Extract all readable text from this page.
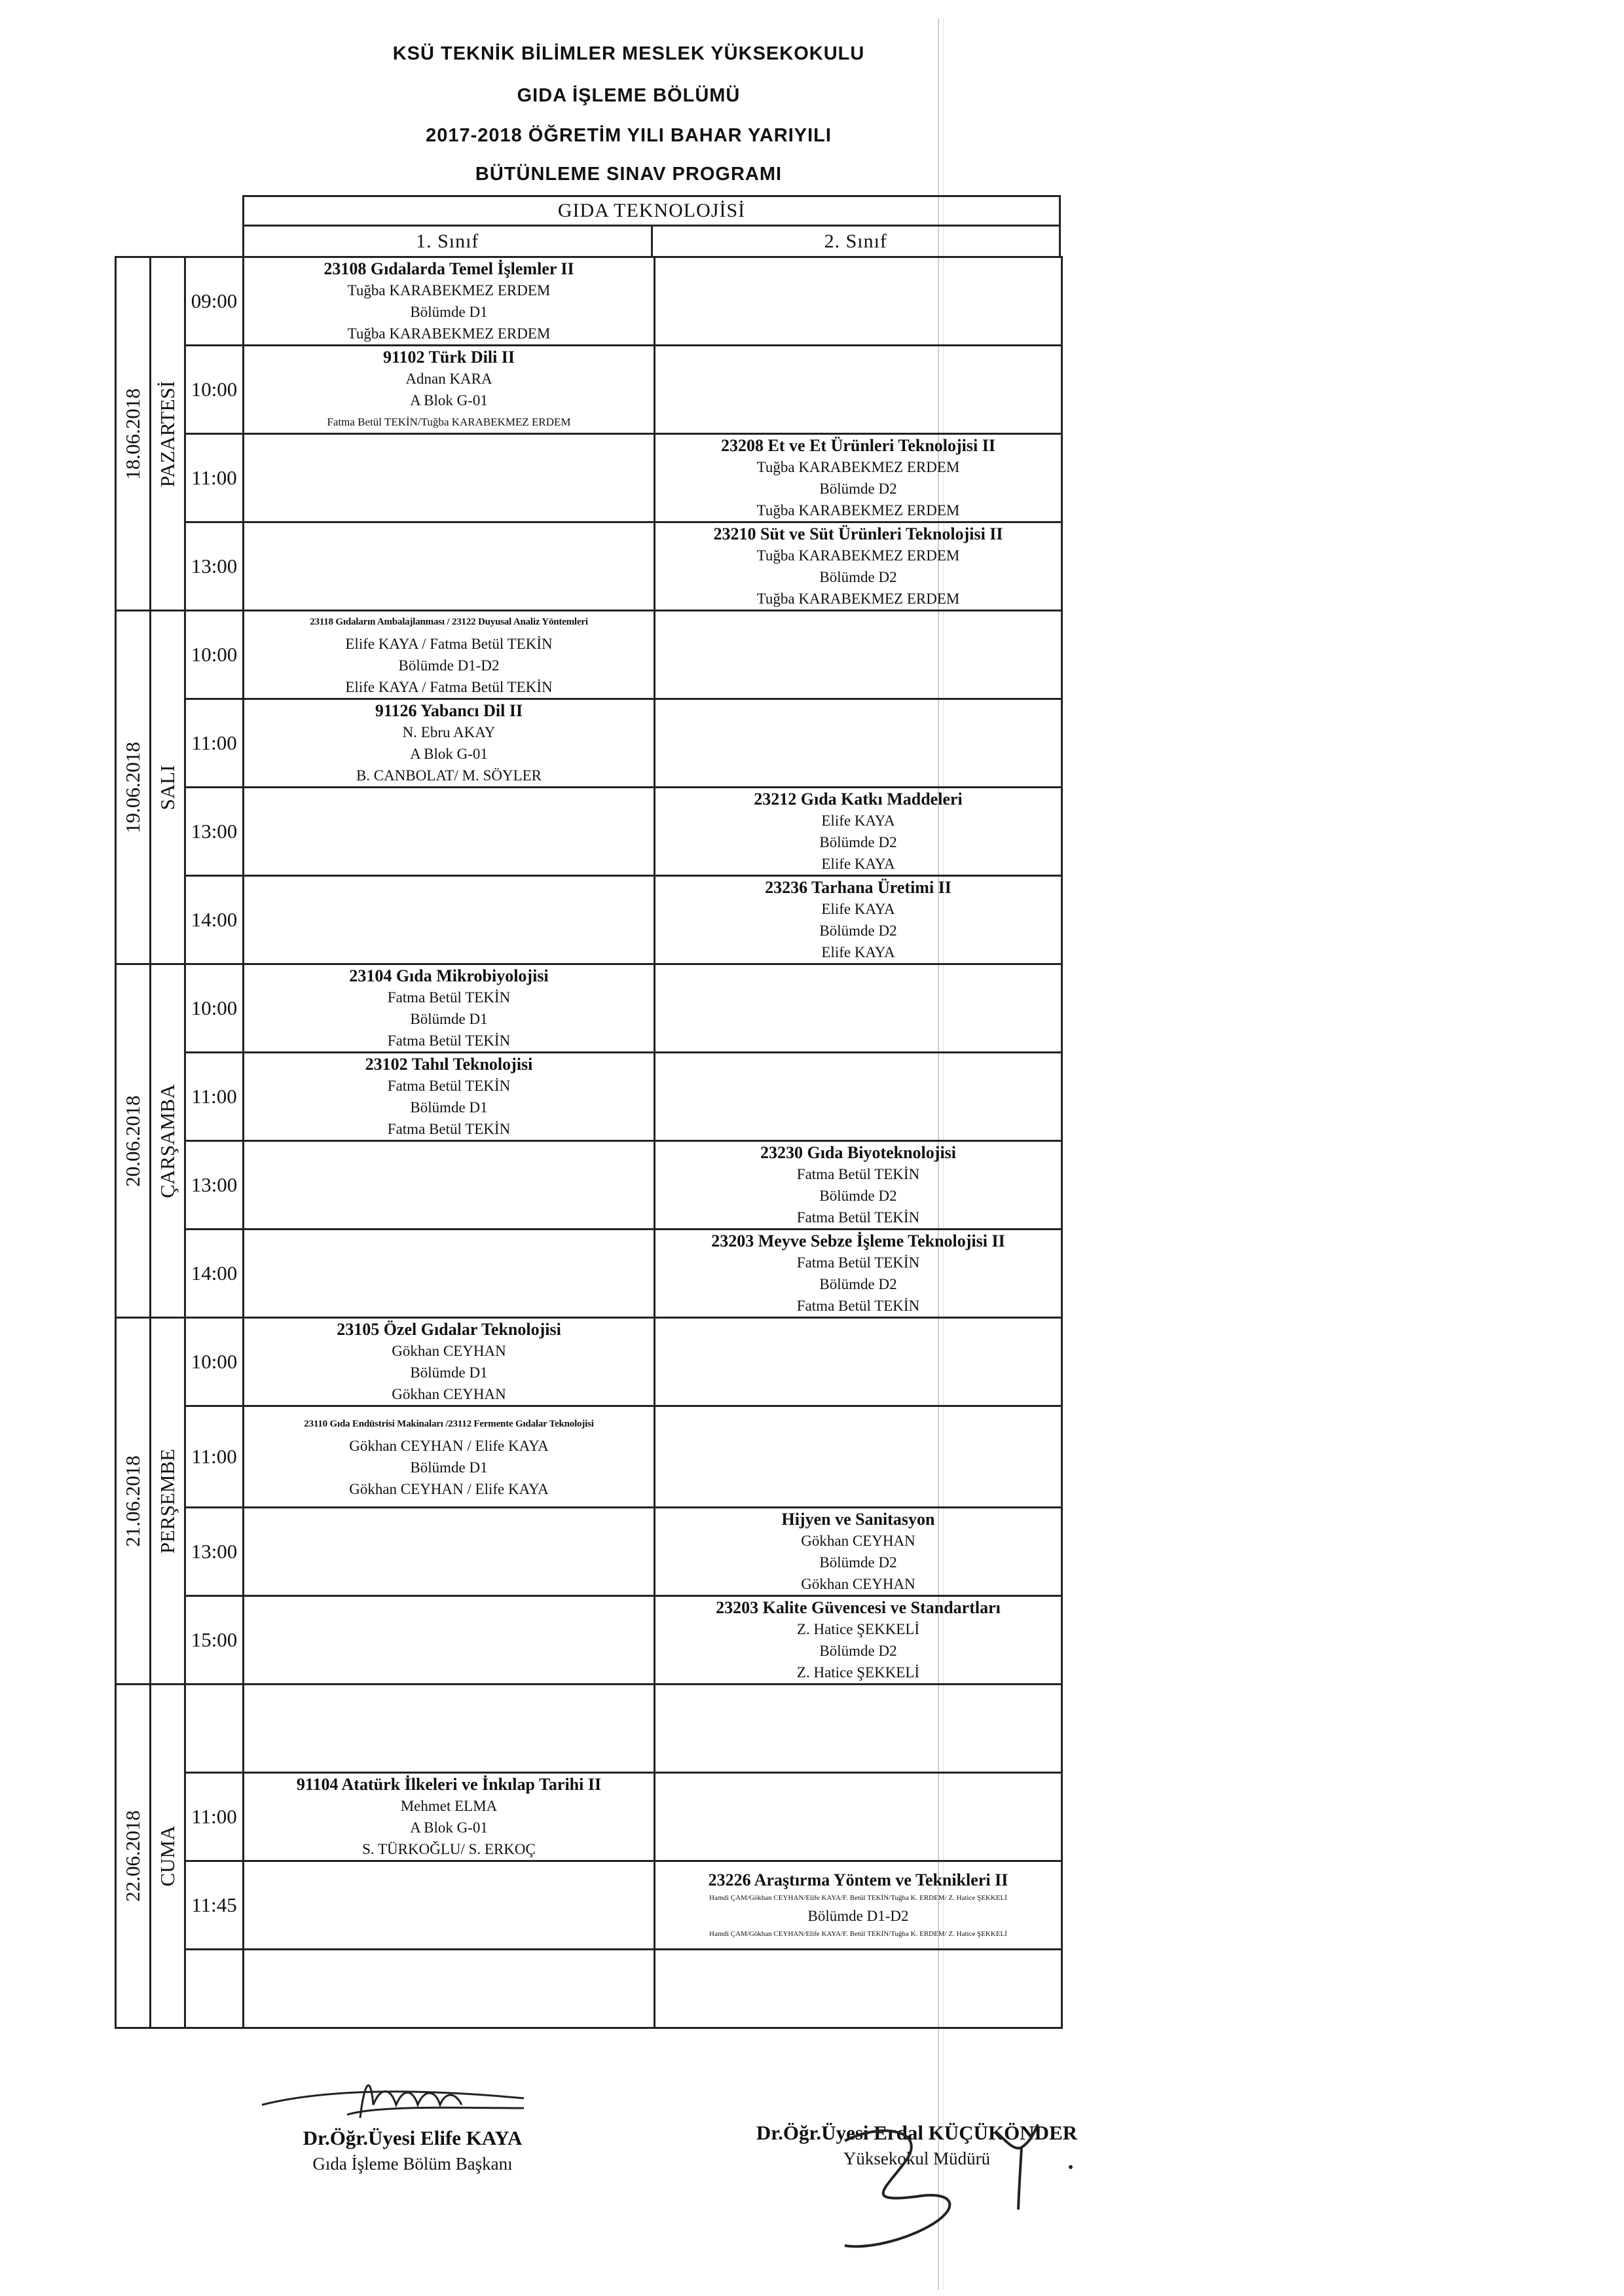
KSÜ TEKNİK BİLİMLER MESLEK YÜKSEKOKULU
GIDA İŞLEME BÖLÜMÜ
2017-2018 ÖĞRETİM YILI BAHAR YARIYILI
BÜTÜNLEME SINAV PROGRAMI
GIDA TEKNOLOJİSİ
1. Sınıf	2. Sınıf
18.06.2018	PAZARTESİ	09:00	23108 Gıdalarda Temel İşlemler II
Tuğba KARABEKMEZ ERDEM
Bölümde D1
Tuğba KARABEKMEZ ERDEM	

		10:00	91102 Türk Dili II
Adnan KARA
A Blok G-01
Fatma Betül TEKİN/Tuğba KARABEKMEZ ERDEM	

		11:00		23208 Et ve Et Ürünleri Teknolojisi II
Tuğba KARABEKMEZ ERDEM
Bölümde D2
Tuğba KARABEKMEZ ERDEM

		13:00		23210 Süt ve Süt Ürünleri Teknolojisi II
Tuğba KARABEKMEZ ERDEM
Bölümde D2
Tuğba KARABEKMEZ ERDEM

19.06.2018	SALI	10:00	23118 Gıdaların Ambalajlanması / 23122 Duyusal Analiz Yöntemleri
Elife KAYA / Fatma Betül TEKİN
Bölümde D1-D2
Elife KAYA / Fatma Betül TEKİN	

		11:00	91126 Yabancı Dil II
N. Ebru AKAY
A Blok G-01
B. CANBOLAT/ M. SÖYLER	

		13:00		23212 Gıda Katkı Maddeleri
Elife KAYA
Bölümde D2
Elife KAYA

		14:00		23236 Tarhana Üretimi II
Elife KAYA
Bölümde D2
Elife KAYA

20.06.2018	ÇARŞAMBA	10:00	23104 Gıda Mikrobiyolojisi
Fatma Betül TEKİN
Bölümde D1
Fatma Betül TEKİN	

		11:00	23102 Tahıl Teknolojisi
Fatma Betül TEKİN
Bölümde D1
Fatma Betül TEKİN	

		13:00		23230 Gıda Biyoteknolojisi
Fatma Betül TEKİN
Bölümde D2
Fatma Betül TEKİN

		14:00		23203 Meyve Sebze İşleme Teknolojisi II
Fatma Betül TEKİN
Bölümde D2
Fatma Betül TEKİN

21.06.2018	PERŞEMBE	10:00	23105 Özel Gıdalar Teknolojisi
Gökhan CEYHAN
Bölümde D1
Gökhan CEYHAN	

		11:00	23110 Gıda Endüstrisi Makinaları /23112 Fermente Gıdalar Teknolojisi
Gökhan CEYHAN / Elife KAYA
Bölümde D1
Gökhan CEYHAN / Elife KAYA	

		13:00		Hijyen ve Sanitasyon
Gökhan CEYHAN
Bölümde D2
Gökhan CEYHAN

		15:00		23203 Kalite Güvencesi ve Standartları
Z. Hatice ŞEKKELİ
Bölümde D2
Z. Hatice ŞEKKELİ

22.06.2018	CUMA			

		11:00	91104 Atatürk İlkeleri ve İnkılap Tarihi II
Mehmet ELMA
A Blok G-01
S. TÜRKOĞLU/ S. ERKOÇ	

		11:45		23226 Araştırma Yöntem ve Teknikleri II
Hamdi ÇAM/Gökhan CEYHAN/Elife KAYA/F. Betül TEKİN/Tuğba K. ERDEM/ Z. Hatice ŞEKKELİ
Bölümde D1-D2
Hamdi ÇAM/Gökhan CEYHAN/Elife KAYA/F. Betül TEKİN/Tuğba K. ERDEM/ Z. Hatice ŞEKKELİ

Dr.Öğr.Üyesi Elife KAYA
Gıda İşleme Bölüm Başkanı
Dr.Öğr.Üyesi Erdal KÜÇÜKÖNDER
Yüksekokul Müdürü
